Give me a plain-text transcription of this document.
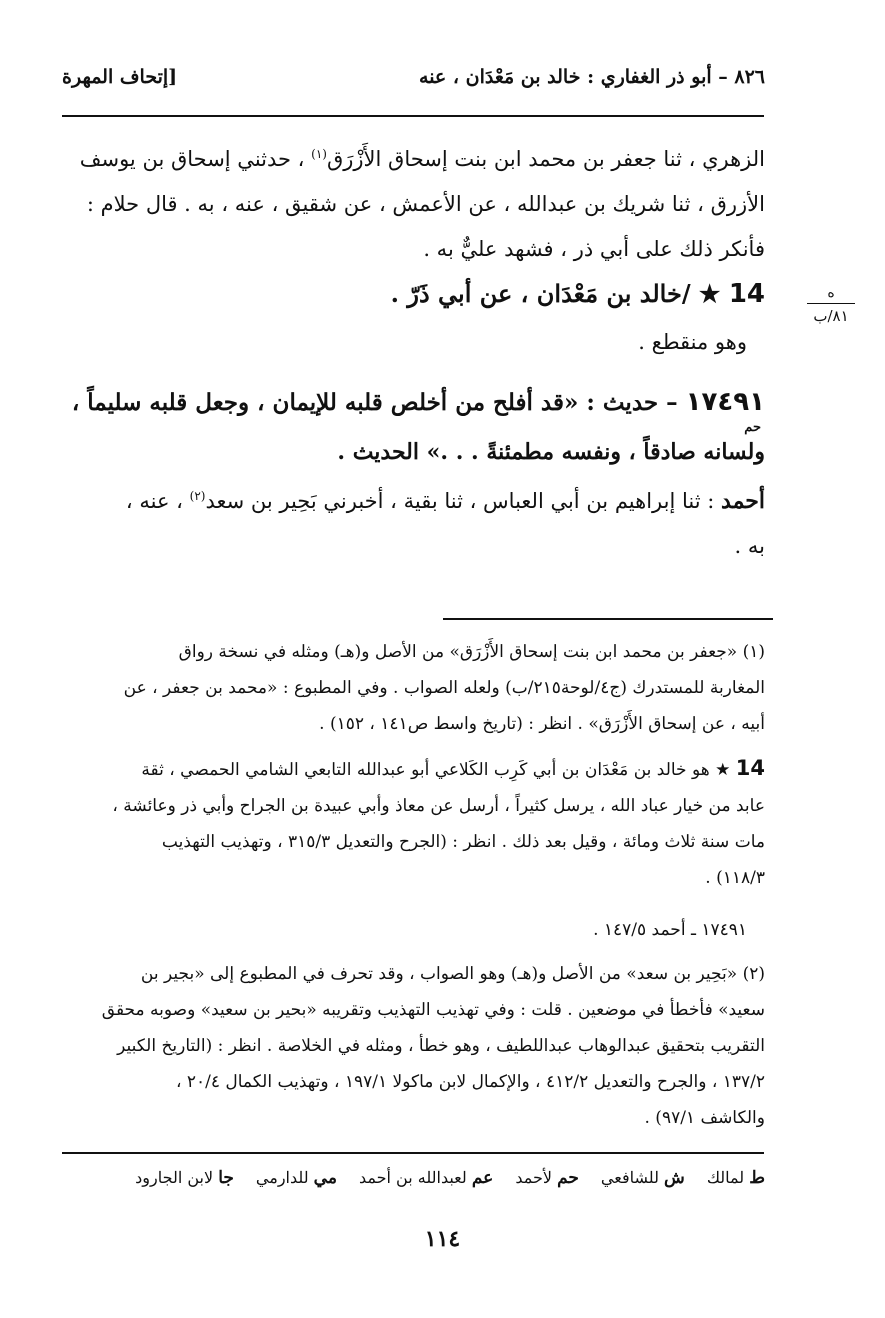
٨٢٦ – أبو ذر الغفاري : خالد بن مَعْدَان ، عنه
[إتحاف المهرة
الزهري ، ثنا جعفر بن محمد ابن بنت إسحاق الأَزْرَق$^{(١)}$ ، حدثني إسحاق بن يوسف
الأزرق ، ثنا شريك بن عبدالله ، عن الأعمش ، عن شقيق ، عنه ، به . قال حلام :
فأنكر ذلك على أبي ذر ، فشهد عليٌّ به .
14 ★ /خالد بن مَعْدَان ، عن أبي ذَرّ .
وهو منقطع .
ه
٨١/ب
١٧٤٩١
حم
– حديث : «قد أفلح من أخلص قلبه للإيمان ، وجعل قلبه سليماً ،
ولسانه صادقاً ، ونفسه مطمئنةً . . .» الحديث .
أحمد : ثنا إبراهيم بن أبي العباس ، ثنا بقية ، أخبرني بَحِير بن سعد$^{(٢)}$ ، عنه ،
به .
(١) «جعفر بن محمد ابن بنت إسحاق الأَزْرَق» من الأصل و(هـ) ومثله في نسخة رواق
المغاربة للمستدرك (ج٤/لوحة٢١٥/ب) ولعله الصواب . وفي المطبوع : «محمد بن جعفر ، عن
أبيه ، عن إسحاق الأَزْرَق» . انظر : (تاريخ واسط ص١٤١ ، ١٥٢) .
14 ★ هو خالد بن مَعْدَان بن أبي كَرِب الكَلاعي أبو عبدالله التابعي الشامي الحمصي ، ثقة
عابد من خيار عباد الله ، يرسل كثيراً ، أرسل عن معاذ وأبي عبيدة بن الجراح وأبي ذر وعائشة ،
مات سنة ثلاث ومائة ، وقيل بعد ذلك . انظر : (الجرح والتعديل ٣١٥/٣ ، وتهذيب التهذيب
١١٨/٣) .
١٧٤٩١ ـ أحمد ١٤٧/٥ .
(٢) «بَحِير بن سعد» من الأصل و(هـ) وهو الصواب ، وقد تحرف في المطبوع إلى «بجير بن
سعيد» فأخطأ في موضعين . قلت : وفي تهذيب التهذيب وتقريبه «بحير بن سعيد» وصوبه محقق
التقريب بتحقيق عبدالوهاب عبداللطيف ، وهو خطأ ، ومثله في الخلاصة . انظر : (التاريخ الكبير
١٣٧/٢ ، والجرح والتعديل ٤١٢/٢ ، والإكمال لابن ماكولا ١٩٧/١ ، وتهذيب الكمال ٢٠/٤ ،
والكاشف ٩٧/١) .
ط لمالك
ش للشافعي
حم لأحمد
عم لعبدالله بن أحمد
مي للدارمي
جا لابن الجارود
١١٤
